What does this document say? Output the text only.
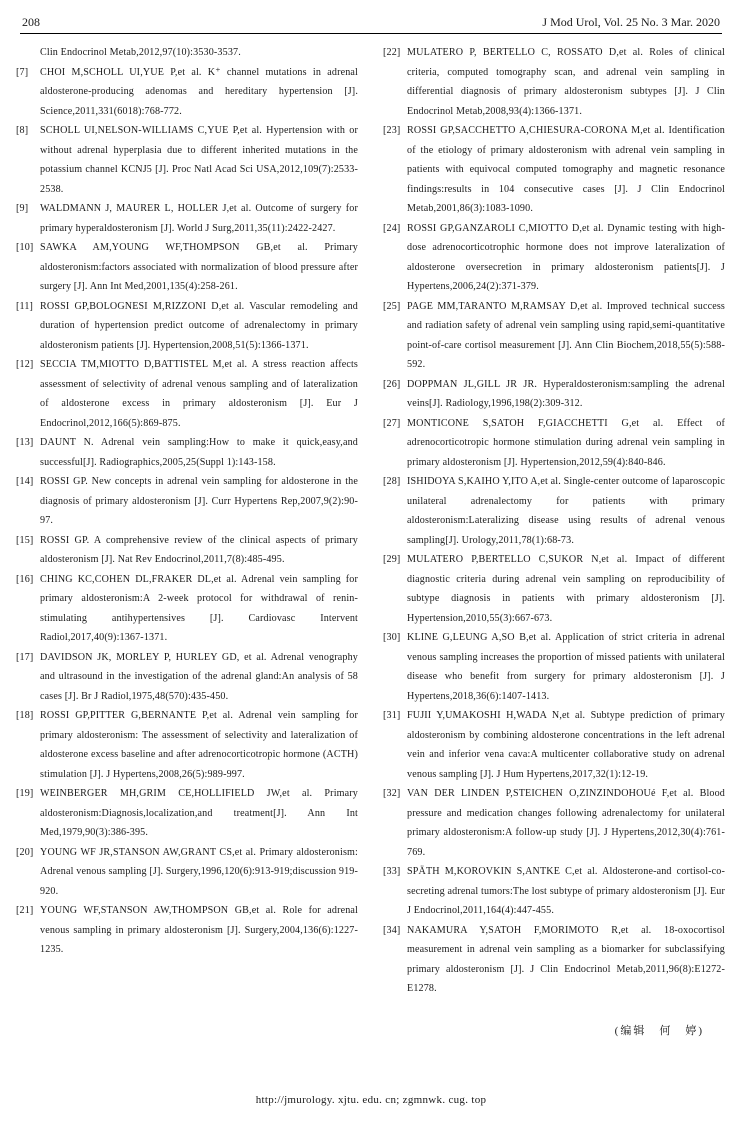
208	J Mod Urol, Vol. 25 No. 3 Mar. 2020

Clin Endocrinol Metab,2012,97(10):3530-3537.

[7] CHOI M,SCHOLL UI,YUE P,et al. K⁺ channel mutations in adrenal aldosterone-producing adenomas and hereditary hypertension [J]. Science,2011,331(6018):768-772.

[8] SCHOLL UI,NELSON-WILLIAMS C,YUE P,et al. Hypertension with or without adrenal hyperplasia due to different inherited mutations in the potassium channel KCNJ5 [J]. Proc Natl Acad Sci USA,2012,109(7):2533-2538.

[9] WALDMANN J, MAURER L, HOLLER J,et al. Outcome of surgery for primary hyperaldosteronism [J]. World J Surg,2011,35(11):2422-2427.

[10] SAWKA AM,YOUNG WF,THOMPSON GB,et al. Primary aldosteronism:factors associated with normalization of blood pressure after surgery [J]. Ann Int Med,2001,135(4):258-261.

[11] ROSSI GP,BOLOGNESI M,RIZZONI D,et al. Vascular remodeling and duration of hypertension predict outcome of adrenalectomy in primary aldosteronism patients [J]. Hypertension,2008,51(5):1366-1371.

[12] SECCIA TM,MIOTTO D,BATTISTEL M,et al. A stress reaction affects assessment of selectivity of adrenal venous sampling and of lateralization of aldosterone excess in primary aldosteronism [J]. Eur J Endocrinol,2012,166(5):869-875.

[13] DAUNT N. Adrenal vein sampling:How to make it quick,easy,and successful[J]. Radiographics,2005,25(Suppl 1):143-158.

[14] ROSSI GP. New concepts in adrenal vein sampling for aldosterone in the diagnosis of primary aldosteronism [J]. Curr Hypertens Rep,2007,9(2):90-97.

[15] ROSSI GP. A comprehensive review of the clinical aspects of primary aldosteronism [J]. Nat Rev Endocrinol,2011,7(8):485-495.

[16] CHING KC,COHEN DL,FRAKER DL,et al. Adrenal vein sampling for primary aldosteronism:A 2-week protocol for withdrawal of renin-stimulating antihypertensives [J]. Cardiovasc Intervent Radiol,2017,40(9):1367-1371.

[17] DAVIDSON JK, MORLEY P, HURLEY GD, et al. Adrenal venography and ultrasound in the investigation of the adrenal gland:An analysis of 58 cases [J]. Br J Radiol,1975,48(570):435-450.

[18] ROSSI GP,PITTER G,BERNANTE P,et al. Adrenal vein sampling for primary aldosteronism: The assessment of selectivity and lateralization of aldosterone excess baseline and after adrenocorticotropic hormone (ACTH) stimulation [J]. J Hypertens,2008,26(5):989-997.

[19] WEINBERGER MH,GRIM CE,HOLLIFIELD JW,et al. Primary aldosteronism:Diagnosis,localization,and treatment[J]. Ann Int Med,1979,90(3):386-395.

[20] YOUNG WF JR,STANSON AW,GRANT CS,et al. Primary aldosteronism: Adrenal venous sampling [J]. Surgery,1996,120(6):913-919;discussion 919-920.

[21] YOUNG WF,STANSON AW,THOMPSON GB,et al. Role for adrenal venous sampling in primary aldosteronism [J]. Surgery,2004,136(6):1227-1235.

[22] MULATERO P, BERTELLO C, ROSSATO D,et al. Roles of clinical criteria, computed tomography scan, and adrenal vein sampling in differential diagnosis of primary aldosteronism subtypes [J]. J Clin Endocrinol Metab,2008,93(4):1366-1371.

[23] ROSSI GP,SACCHETTO A,CHIESURA-CORONA M,et al. Identification of the etiology of primary aldosteronism with adrenal vein sampling in patients with equivocal computed tomography and magnetic resonance findings:results in 104 consecutive cases [J]. J Clin Endocrinol Metab,2001,86(3):1083-1090.

[24] ROSSI GP,GANZAROLI C,MIOTTO D,et al. Dynamic testing with high-dose adrenocorticotrophic hormone does not improve lateralization of aldosterone oversecretion in primary aldosteronism patients[J]. J Hypertens,2006,24(2):371-379.

[25] PAGE MM,TARANTO M,RAMSAY D,et al. Improved technical success and radiation safety of adrenal vein sampling using rapid,semi-quantitative point-of-care cortisol measurement [J]. Ann Clin Biochem,2018,55(5):588-592.

[26] DOPPMAN JL,GILL JR JR. Hyperaldosteronism:sampling the adrenal veins[J]. Radiology,1996,198(2):309-312.

[27] MONTICONE S,SATOH F,GIACCHETTI G,et al. Effect of adrenocorticotropic hormone stimulation during adrenal vein sampling in primary aldosteronism [J]. Hypertension,2012,59(4):840-846.

[28] ISHIDOYA S,KAIHO Y,ITO A,et al. Single-center outcome of laparoscopic unilateral adrenalectomy for patients with primary aldosteronism:Lateralizing disease using results of adrenal venous sampling[J]. Urology,2011,78(1):68-73.

[29] MULATERO P,BERTELLO C,SUKOR N,et al. Impact of different diagnostic criteria during adrenal vein sampling on reproducibility of subtype diagnosis in patients with primary aldosteronism [J]. Hypertension,2010,55(3):667-673.

[30] KLINE G,LEUNG A,SO B,et al. Application of strict criteria in adrenal venous sampling increases the proportion of missed patients with unilateral disease who benefit from surgery for primary aldosteronism [J]. J Hypertens,2018,36(6):1407-1413.

[31] FUJII Y,UMAKOSHI H,WADA N,et al. Subtype prediction of primary aldosteronism by combining aldosterone concentrations in the left adrenal vein and inferior vena cava:A multicenter collaborative study on adrenal venous sampling [J]. J Hum Hypertens,2017,32(1):12-19.

[32] VAN DER LINDEN P,STEICHEN O,ZINZINDOHOUé F,et al. Blood pressure and medication changes following adrenalectomy for unilateral primary aldosteronism:A follow-up study [J]. J Hypertens,2012,30(4):761-769.

[33] SPÄTH M,KOROVKIN S,ANTKE C,et al. Aldosterone-and cortisol-co-secreting adrenal tumors:The lost subtype of primary aldosteronism [J]. Eur J Endocrinol,2011,164(4):447-455.

[34] NAKAMURA Y,SATOH F,MORIMOTO R,et al. 18-oxocortisol measurement in adrenal vein sampling as a biomarker for subclassifying primary aldosteronism [J]. J Clin Endocrinol Metab,2011,96(8):E1272-E1278.

(编辑　何　婷)
http://jmurology. xjtu. edu. cn; zgmnwk. cug. top
